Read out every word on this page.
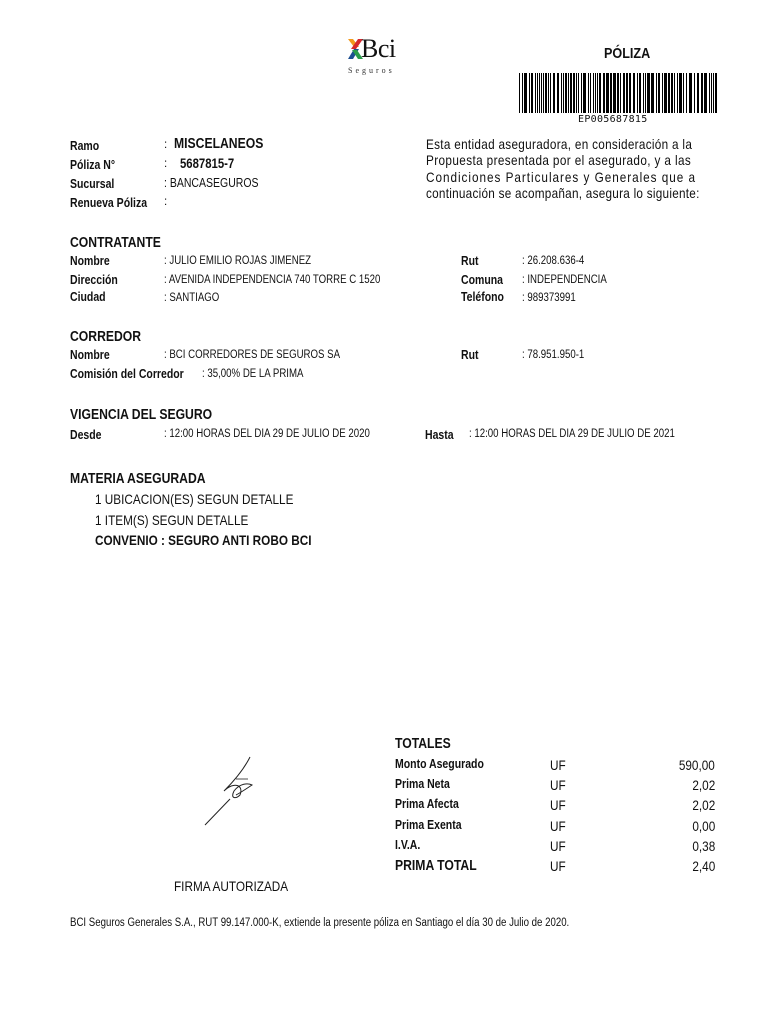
Bci
Seguros
PÓLIZA
EP005687815
Ramo	: MISCELANEOS
Póliza N°	: 5687815-7
Sucursal	: BANCASEGUROS
Renueva Póliza :
Esta entidad aseguradora, en consideración a la
Propuesta presentada por el asegurado, y a las
Condiciones Particulares y Generales que a
continuación se acompañan, asegura lo siguiente:
CONTRATANTE
Nombre	: JULIO EMILIO ROJAS JIMENEZ
Dirección	: AVENIDA INDEPENDENCIA 740 TORRE C 1520
Ciudad	: SANTIAGO
Rut	: 26.208.636-4
Comuna : INDEPENDENCIA
Teléfono : 989373991
CORREDOR
Nombre	: BCI CORREDORES DE SEGUROS SA	Rut	: 78.951.950-1
Comisión del Corredor : 35,00% DE LA PRIMA
VIGENCIA DEL SEGURO
Desde	: 12:00 HORAS DEL DIA 29 DE JULIO DE 2020	Hasta : 12:00 HORAS DEL DIA 29 DE JULIO DE 2021
MATERIA ASEGURADA
1 UBICACION(ES) SEGUN DETALLE
1 ITEM(S) SEGUN DETALLE
CONVENIO : SEGURO ANTI ROBO BCI
TOTALES
Monto Asegurado	UF	590,00
Prima Neta	UF	2,02
Prima Afecta	UF	2,02
Prima Exenta	UF	0,00
I.V.A.	UF	0,38
PRIMA TOTAL	UF	2,40
FIRMA AUTORIZADA
BCI Seguros Generales S.A., RUT 99.147.000-K, extiende la presente póliza en Santiago el día 30 de Julio de 2020.
